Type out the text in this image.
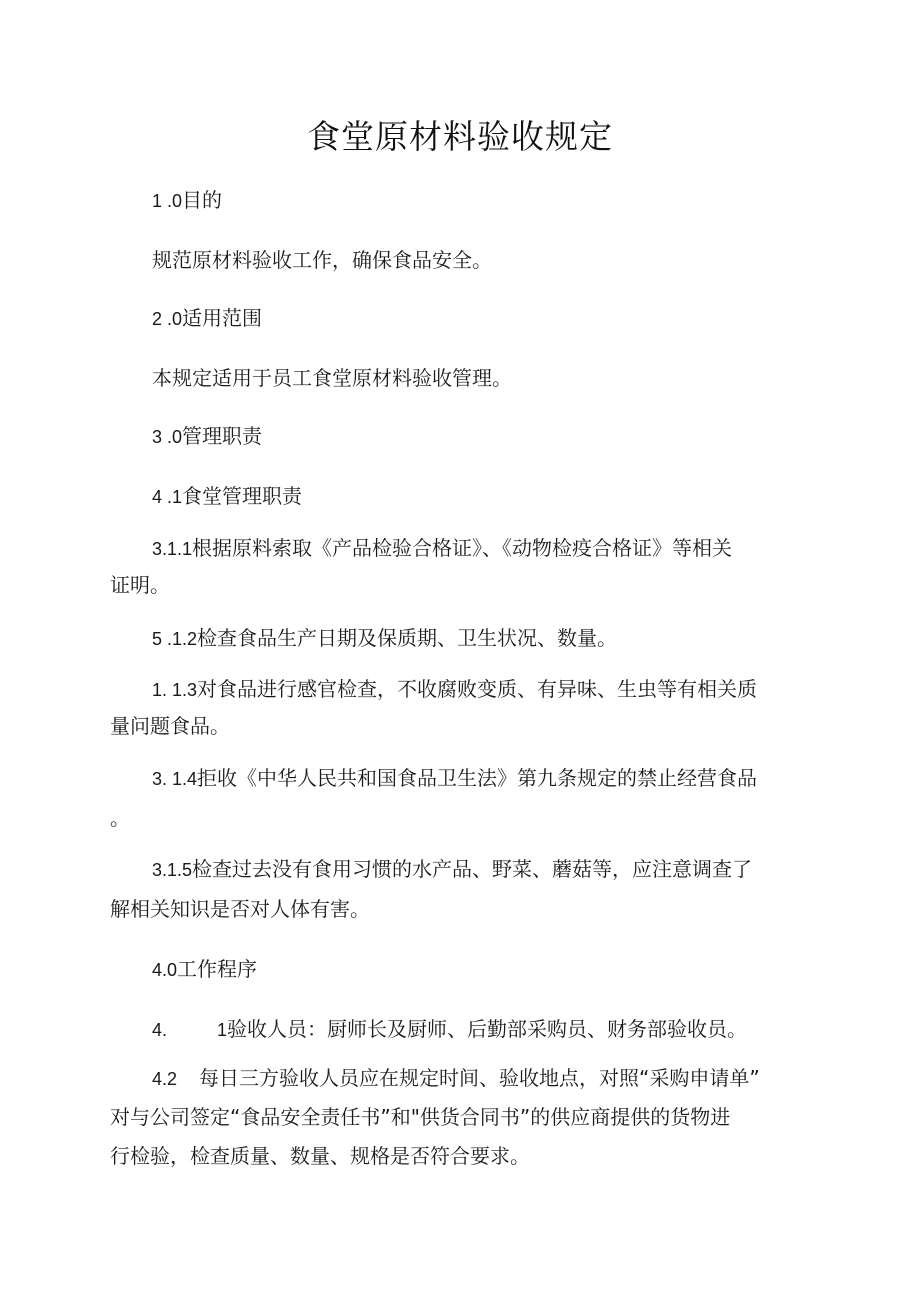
食堂原材料验收规定
1 .0目的
规范原材料验收工作，确保食品安全。
2 .0适用范围
本规定适用于员工食堂原材料验收管理。
3 .0管理职责
4 .1食堂管理职责
3.1.1根据原料索取《产品检验合格证》、《动物检疫合格证》等相关
证明。
5 .1.2检查食品生产日期及保质期、卫生状况、数量。
1. 1.3对食品进行感官检查，不收腐败变质、有异味、生虫等有相关质
量问题食品。
3. 1.4拒收《中华人民共和国食品卫生法》第九条规定的禁止经营食品
。
3.1.5检查过去没有食用习惯的水产品、野菜、蘑菇等，应注意调查了
解相关知识是否对人体有害。
4.0工作程序
4.	1验收人员：厨师长及厨师、后勤部采购员、财务部验收员。
4.2 每日三方验收人员应在规定时间、验收地点，对照“采购申请单”
对与公司签定“食品安全责任书”和"供货合同书”的供应商提供的货物进
行检验，检查质量、数量、规格是否符合要求。
